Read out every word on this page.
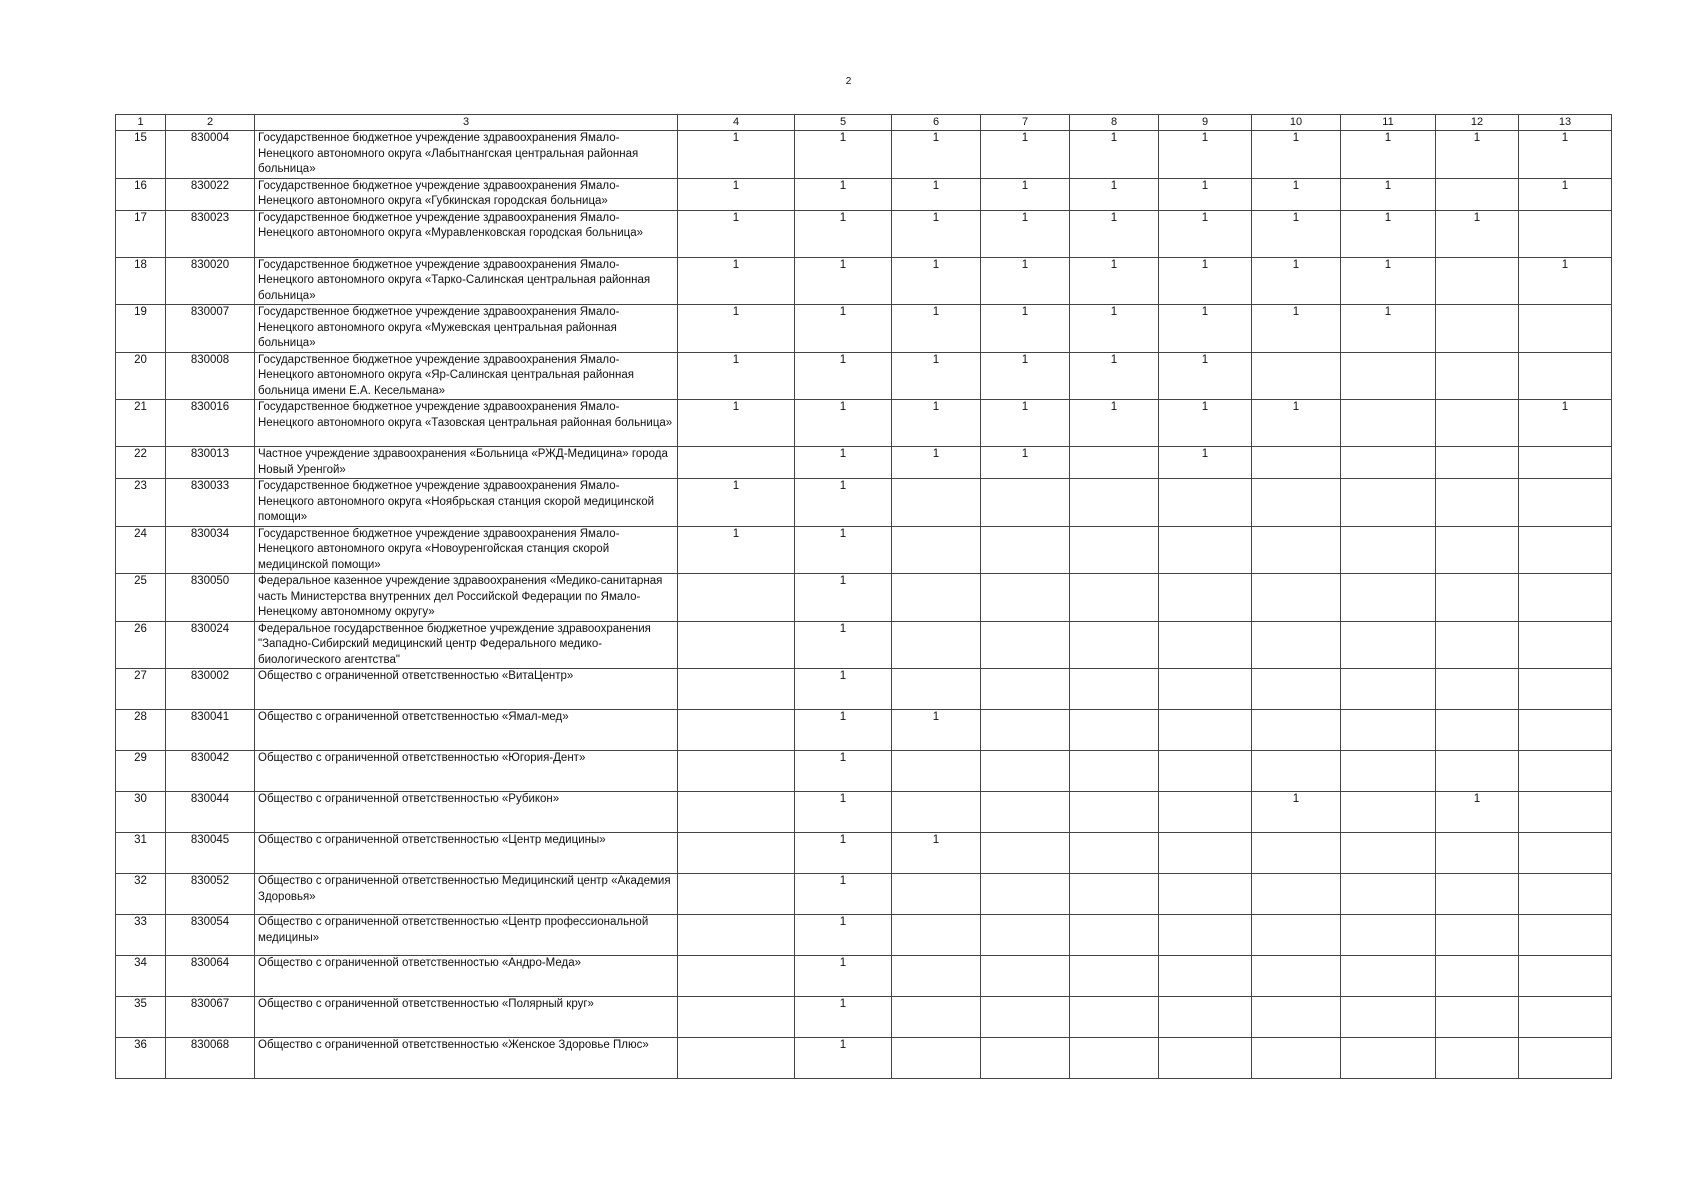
2
1	2	3	4	5	6	7	8	9	10	11	12	13
15	830004	Государственное бюджетное учреждение здравоохранения Ямало-Ненецкого автономного округа «Лабытнангская центральная районная больница»	1	1	1	1	1	1	1	1	1	1
16	830022	Государственное бюджетное учреждение здравоохранения Ямало-Ненецкого автономного округа «Губкинская городская больница»	1	1	1	1	1	1	1	1		1
17	830023	Государственное бюджетное учреждение здравоохранения Ямало-Ненецкого автономного округа «Муравленковская городская больница»	1	1	1	1	1	1	1	1	1	
18	830020	Государственное бюджетное учреждение здравоохранения Ямало-Ненецкого автономного округа «Тарко-Салинская центральная районная больница»	1	1	1	1	1	1	1	1		1
19	830007	Государственное бюджетное учреждение здравоохранения Ямало-Ненецкого автономного округа «Мужевская центральная районная больница»	1	1	1	1	1	1	1	1		
20	830008	Государственное бюджетное учреждение здравоохранения Ямало-Ненецкого автономного округа «Яр-Салинская центральная районная больница имени Е.А. Кесельмана»	1	1	1	1	1	1				
21	830016	Государственное бюджетное учреждение здравоохранения Ямало-Ненецкого автономного округа «Тазовская центральная районная больница»	1	1	1	1	1	1	1			1
22	830013	Частное учреждение здравоохранения «Больница «РЖД-Медицина» города Новый Уренгой»		1	1	1		1				
23	830033	Государственное бюджетное учреждение здравоохранения Ямало-Ненецкого автономного округа «Ноябрьская станция скорой медицинской помощи»	1	1								
24	830034	Государственное бюджетное учреждение здравоохранения Ямало-Ненецкого автономного округа «Новоуренгойская станция скорой медицинской помощи»	1	1								
25	830050	Федеральное казенное учреждение здравоохранения «Медико-санитарная часть Министерства внутренних дел Российской Федерации по Ямало-Ненецкому автономному округу»		1								
26	830024	Федеральное государственное бюджетное учреждение здравоохранения "Западно-Сибирский медицинский центр Федерального медико-биологического агентства"		1								
27	830002	Общество с ограниченной ответственностью «ВитаЦентр»		1								
28	830041	Общество с ограниченной ответственностью «Ямал-мед»		1	1							
29	830042	Общество с ограниченной ответственностью «Югория-Дент»		1								
30	830044	Общество с ограниченной ответственностью «Рубикон»		1					1		1	
31	830045	Общество с ограниченной ответственностью «Центр медицины»		1	1							
32	830052	Общество с ограниченной ответственностью Медицинский центр «Академия Здоровья»		1								
33	830054	Общество с ограниченной ответственностью «Центр профессиональной медицины»		1								
34	830064	Общество с ограниченной ответственностью «Андро-Меда»		1								
35	830067	Общество с ограниченной ответственностью «Полярный круг»		1								
36	830068	Общество с ограниченной ответственностью «Женское Здоровье Плюс»		1								
